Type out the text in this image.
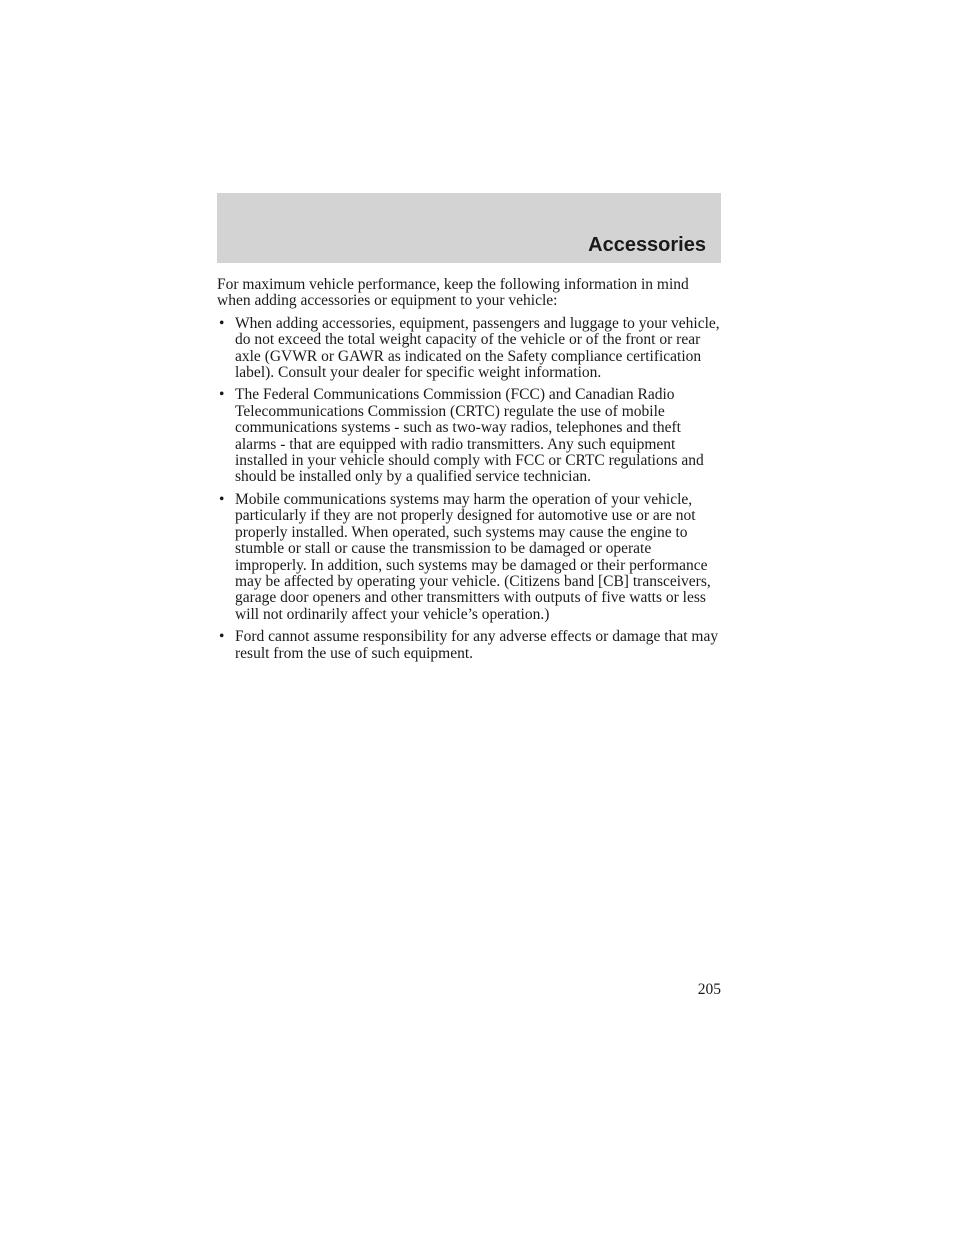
Accessories

For maximum vehicle performance, keep the following information in mind when adding accessories or equipment to your vehicle:

• When adding accessories, equipment, passengers and luggage to your vehicle, do not exceed the total weight capacity of the vehicle or of the front or rear axle (GVWR or GAWR as indicated on the Safety compliance certification label). Consult your dealer for specific weight information.
• The Federal Communications Commission (FCC) and Canadian Radio Telecommunications Commission (CRTC) regulate the use of mobile communications systems - such as two-way radios, telephones and theft alarms - that are equipped with radio transmitters. Any such equipment installed in your vehicle should comply with FCC or CRTC regulations and should be installed only by a qualified service technician.
• Mobile communications systems may harm the operation of your vehicle, particularly if they are not properly designed for automotive use or are not properly installed. When operated, such systems may cause the engine to stumble or stall or cause the transmission to be damaged or operate improperly. In addition, such systems may be damaged or their performance may be affected by operating your vehicle. (Citizens band [CB] transceivers, garage door openers and other transmitters with outputs of five watts or less will not ordinarily affect your vehicle’s operation.)
• Ford cannot assume responsibility for any adverse effects or damage that may result from the use of such equipment.
205
